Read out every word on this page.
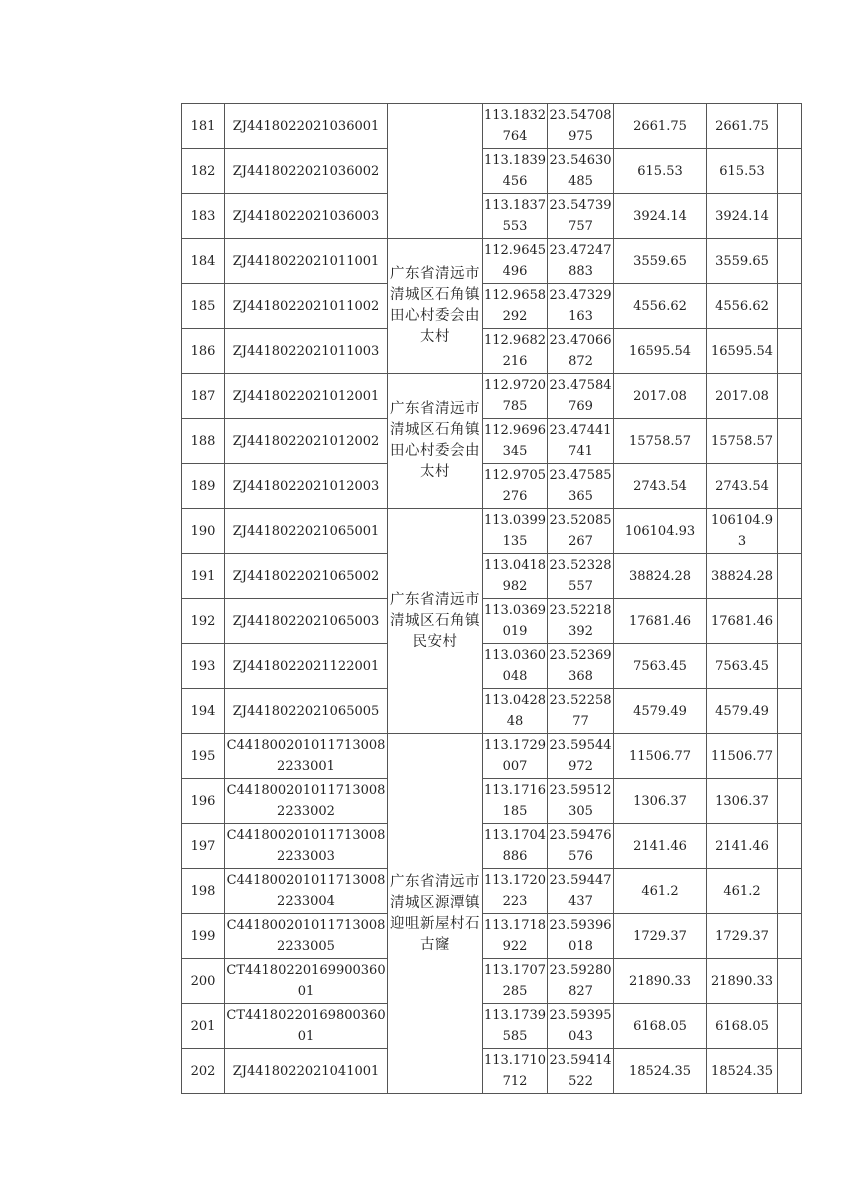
181	ZJ4418022021036001		113.1832764	23.54708975	2661.75	2661.75	
182	ZJ4418022021036002		113.1839456	23.54630485	615.53	615.53	
183	ZJ4418022021036003		113.1837553	23.54739757	3924.14	3924.14	
184	ZJ4418022021011001	广东省清远市清城区石角镇田心村委会由太村	112.9645496	23.47247883	3559.65	3559.65	
185	ZJ4418022021011002		112.9658292	23.47329163	4556.62	4556.62	
186	ZJ4418022021011003		112.9682216	23.47066872	16595.54	16595.54	
187	ZJ4418022021012001	广东省清远市清城区石角镇田心村委会由太村	112.9720785	23.47584769	2017.08	2017.08	
188	ZJ4418022021012002		112.9696345	23.47441741	15758.57	15758.57	
189	ZJ4418022021012003		112.9705276	23.47585365	2743.54	2743.54	
190	ZJ4418022021065001	广东省清远市清城区石角镇民安村	113.0399135	23.52085267	106104.93	106104.93	
191	ZJ4418022021065002		113.0418982	23.52328557	38824.28	38824.28	
192	ZJ4418022021065003		113.0369019	23.52218392	17681.46	17681.46	
193	ZJ4418022021122001		113.0360048	23.52369368	7563.45	7563.45	
194	ZJ4418022021065005		113.042848	23.5225877	4579.49	4579.49	
195	C4418002010117130082233001	广东省清远市清城区源潭镇迎咀新屋村石古窿	113.1729007	23.59544972	11506.77	11506.77	
196	C4418002010117130082233002		113.1716185	23.59512305	1306.37	1306.37	
197	C4418002010117130082233003		113.1704886	23.59476576	2141.46	2141.46	
198	C4418002010117130082233004		113.1720223	23.59447437	461.2	461.2	
199	C4418002010117130082233005		113.1718922	23.59396018	1729.37	1729.37	
200	CT4418022016990036001		113.1707285	23.59280827	21890.33	21890.33	
201	CT4418022016980036001		113.1739585	23.59395043	6168.05	6168.05	
202	ZJ4418022021041001		113.1710712	23.59414522	18524.35	18524.35	
